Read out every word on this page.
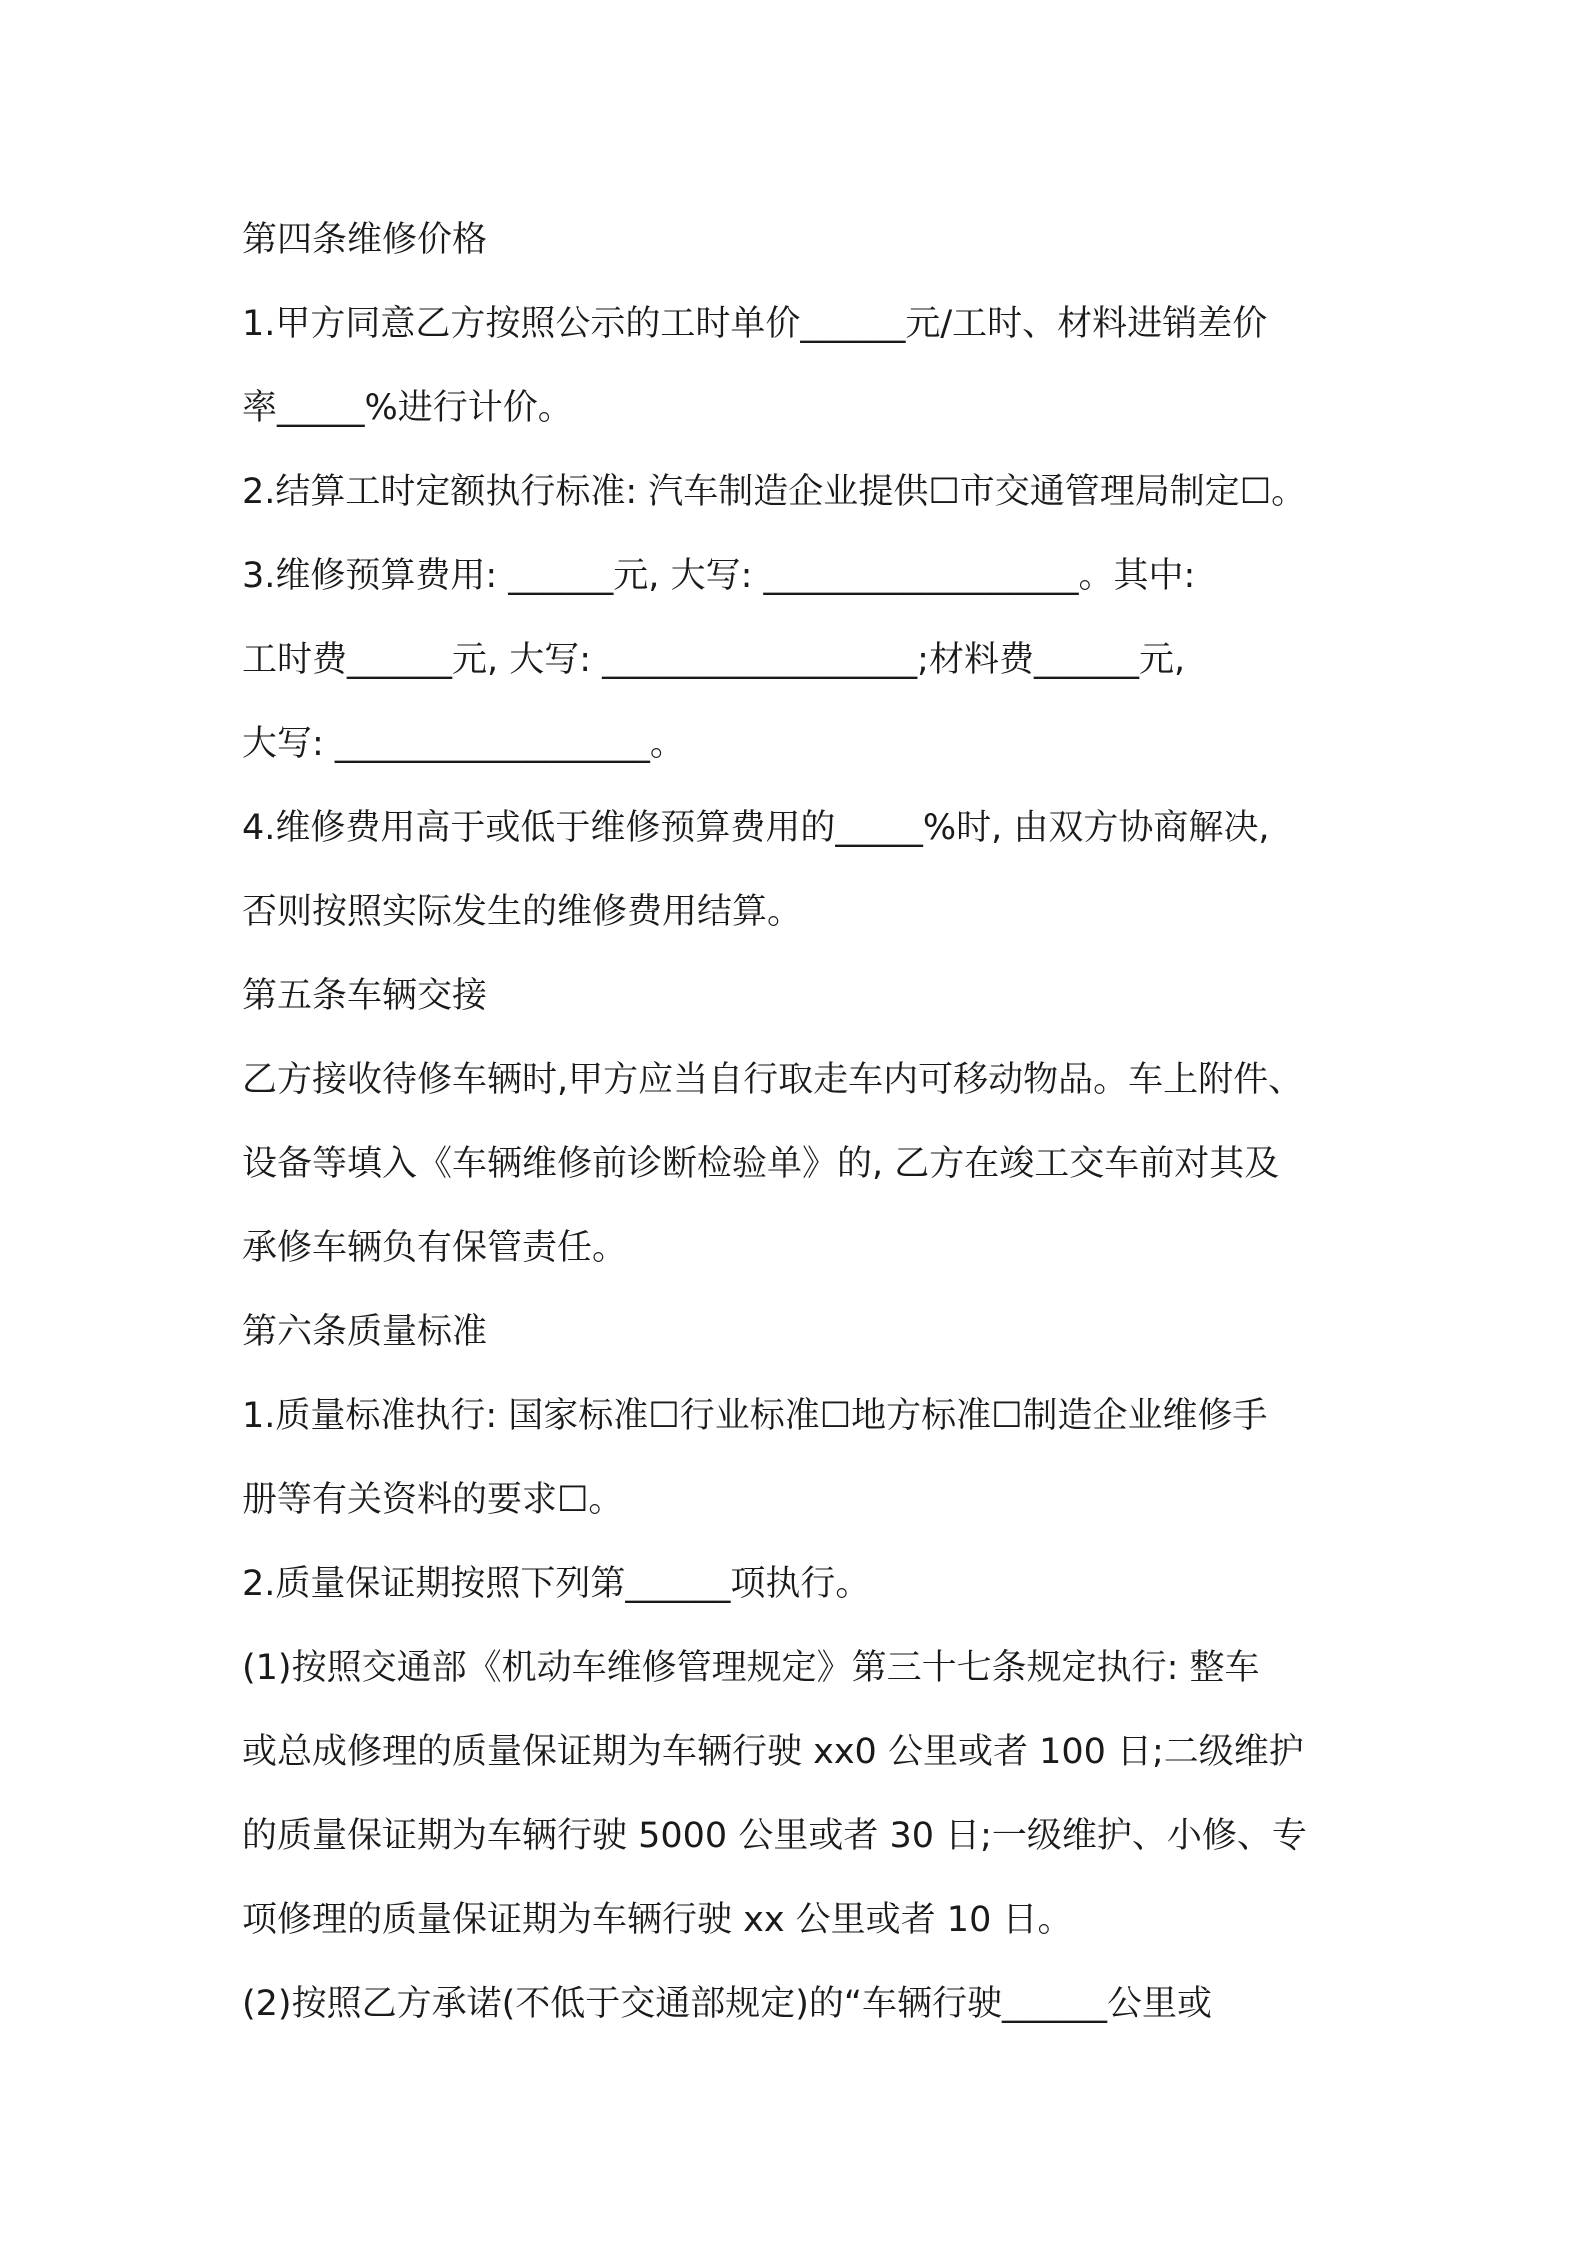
第四条维修价格
1.甲方同意乙方按照公示的工时单价______元/工时、材料进销差价
率_____%进行计价。
2.结算工时定额执行标准: 汽车制造企业提供☐市交通管理局制定☐。
3.维修预算费用: ______元, 大写: __________________。其中:
工时费______元, 大写: __________________;材料费______元,
大写: __________________。
4.维修费用高于或低于维修预算费用的_____%时, 由双方协商解决,
否则按照实际发生的维修费用结算。
第五条车辆交接
乙方接收待修车辆时,甲方应当自行取走车内可移动物品。车上附件、
设备等填入《车辆维修前诊断检验单》的, 乙方在竣工交车前对其及
承修车辆负有保管责任。
第六条质量标准
1.质量标准执行: 国家标准☐行业标准☐地方标准☐制造企业维修手
册等有关资料的要求☐。
2.质量保证期按照下列第______项执行。
(1)按照交通部《机动车维修管理规定》第三十七条规定执行: 整车
或总成修理的质量保证期为车辆行驶 xx0 公里或者 100 日;二级维护
的质量保证期为车辆行驶 5000 公里或者 30 日;一级维护、小修、专
项修理的质量保证期为车辆行驶 xx 公里或者 10 日。
(2)按照乙方承诺(不低于交通部规定)的“车辆行驶______公里或
